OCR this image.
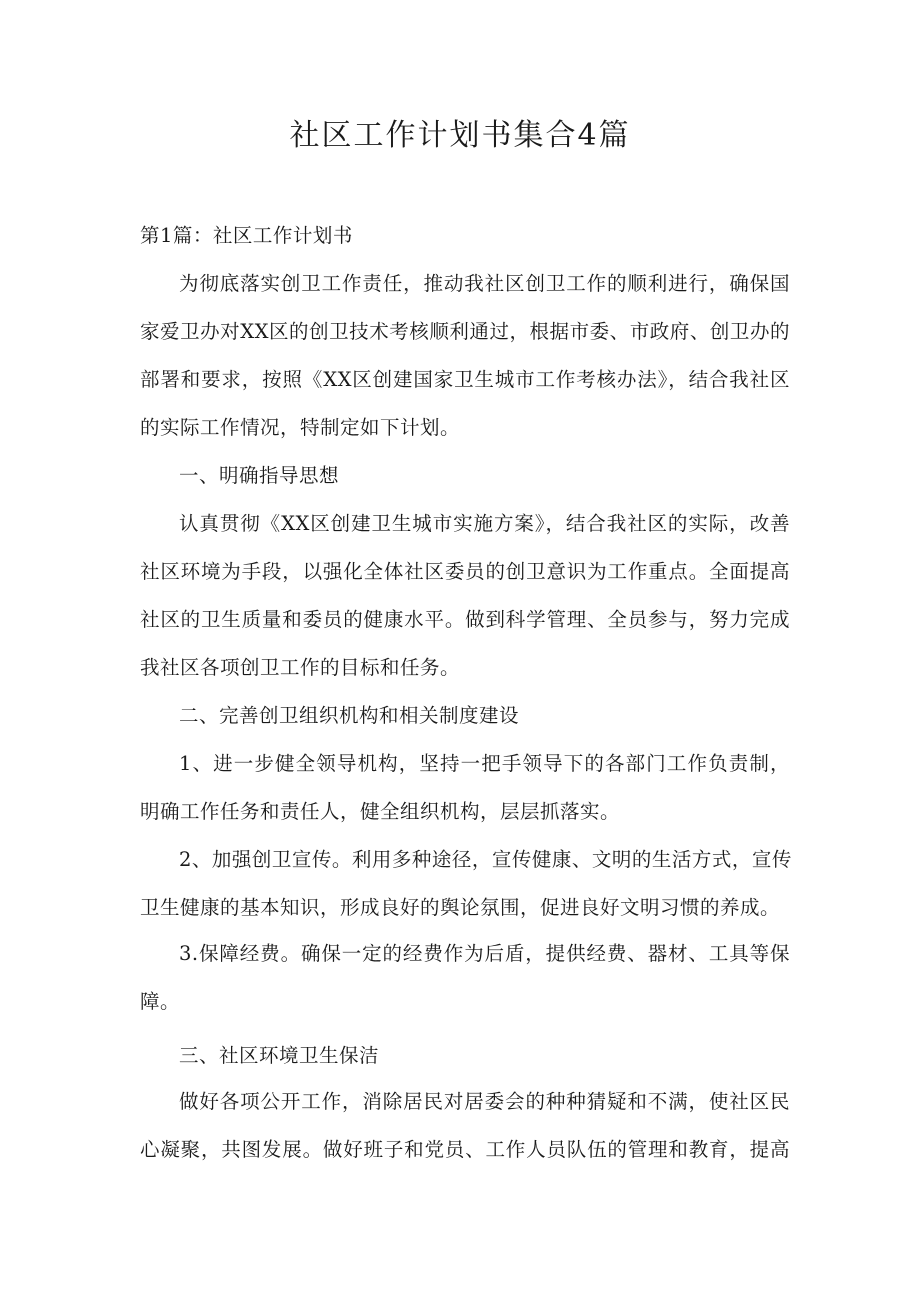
社区工作计划书集合4篇

第1篇：社区工作计划书

为彻底落实创卫工作责任，推动我社区创卫工作的顺利进行，确保国
家爱卫办对XX区的创卫技术考核顺利通过，根据市委、市政府、创卫办的
部署和要求，按照《XX区创建国家卫生城市工作考核办法》，结合我社区
的实际工作情况，特制定如下计划。

一、明确指导思想

认真贯彻《XX区创建卫生城市实施方案》，结合我社区的实际，改善
社区环境为手段，以强化全体社区委员的创卫意识为工作重点。全面提高
社区的卫生质量和委员的健康水平。做到科学管理、全员参与，努力完成
我社区各项创卫工作的目标和任务。

二、完善创卫组织机构和相关制度建设

1、进一步健全领导机构，坚持一把手领导下的各部门工作负责制，
明确工作任务和责任人，健全组织机构，层层抓落实。
2、加强创卫宣传。利用多种途径，宣传健康、文明的生活方式，宣传
卫生健康的基本知识，形成良好的舆论氛围，促进良好文明习惯的养成。
3.保障经费。确保一定的经费作为后盾，提供经费、器材、工具等保
障。

三、社区环境卫生保洁

做好各项公开工作，消除居民对居委会的种种猜疑和不满，使社区民
心凝聚，共图发展。做好班子和党员、工作人员队伍的管理和教育，提高
